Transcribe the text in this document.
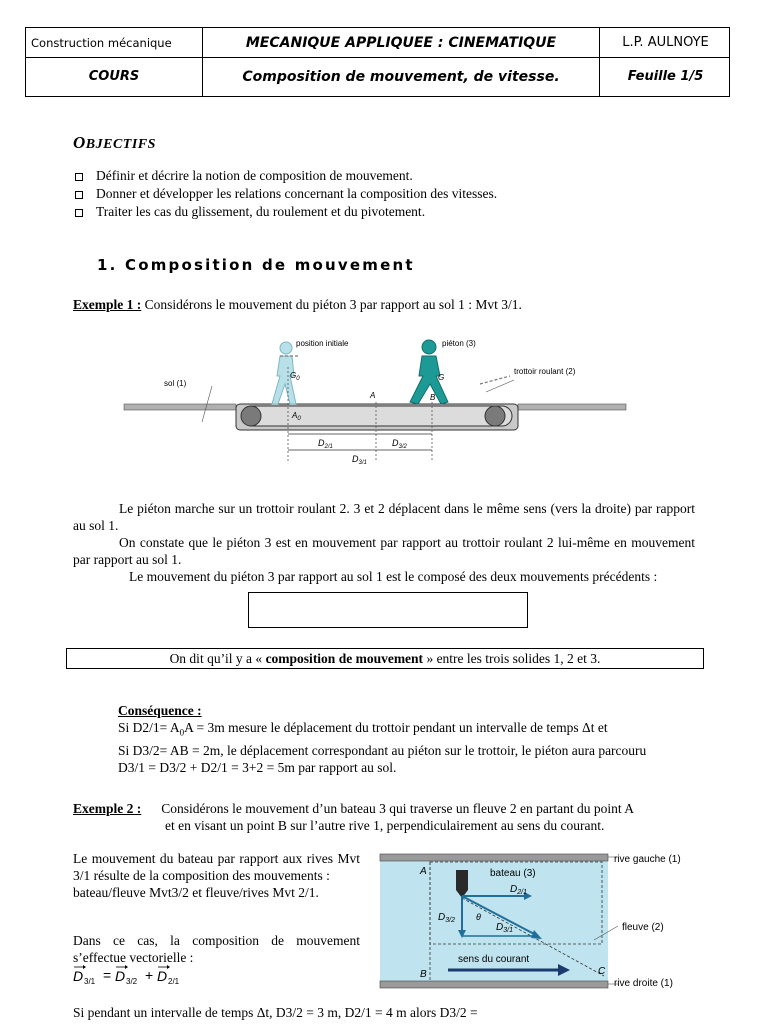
Construction mécanique	MECANIQUE APPLIQUEE : CINEMATIQUE	L.P. AULNOYE
COURS	Composition de mouvement, de vitesse.	Feuille 1/5
OBJECTIFS
Définir et décrire la notion de composition de mouvement.
Donner et développer les relations concernant la composition des vitesses.
Traiter les cas du glissement, du roulement et du pivotement.
1. Composition de mouvement
Exemple 1 : Considérons le mouvement du piéton 3 par rapport au sol 1 : Mvt 3/1.
position initiale	piéton (3)
sol (1)
trottoir roulant (2)
$G_0$	G
$A_0$
A	B
$D_{2/1}$	$D_{3/2}$
$D_{3/1}$
Le piéton marche sur un trottoir roulant 2. 3 et 2 déplacent dans le même sens (vers la droite) par rapport au sol 1.
On constate que le piéton 3 est en mouvement par rapport au trottoir roulant 2 lui-même en mouvement par rapport au sol 1.
Le mouvement du piéton 3 par rapport au sol 1 est le composé des deux mouvements précédents :
On dit qu’il y a « composition de mouvement » entre les trois solides 1, 2 et 3.
Conséquence :
Si $D2/1= A_0A = 3m$ mesure le déplacement du trottoir pendant un intervalle de temps Δt et
Si D3/2= AB = 2m, le déplacement correspondant au piéton sur le trottoir, le piéton aura parcouru
D3/1 = D3/2 + D2/1 = 3+2 = 5m par rapport au sol.
Exemple 2 : Considérons le mouvement d’un bateau 3 qui traverse un fleuve 2 en partant du point A
et en visant un point B sur l’autre rive 1, perpendiculairement au sens du courant.
Le mouvement du bateau par rapport aux rives Mvt 3/1 résulte de la composition des mouvements :
bateau/fleuve Mvt3/2 et fleuve/rives Mvt 2/1.
Dans ce cas, la composition de mouvement s’effectue vectorielle :
D 3/1 = D 3/2 + D 2/1
rive gauche (1)
rive droite (1)
bateau (3)
fleuve (2)
sens du courant
A
B	C
θ
$D_{2/1}$
$D_{3/2}$
$D_{3/1}$
Si pendant un intervalle de temps Δt, D3/2 = 3 m, D2/1 = 4 m alors D3/2 =
